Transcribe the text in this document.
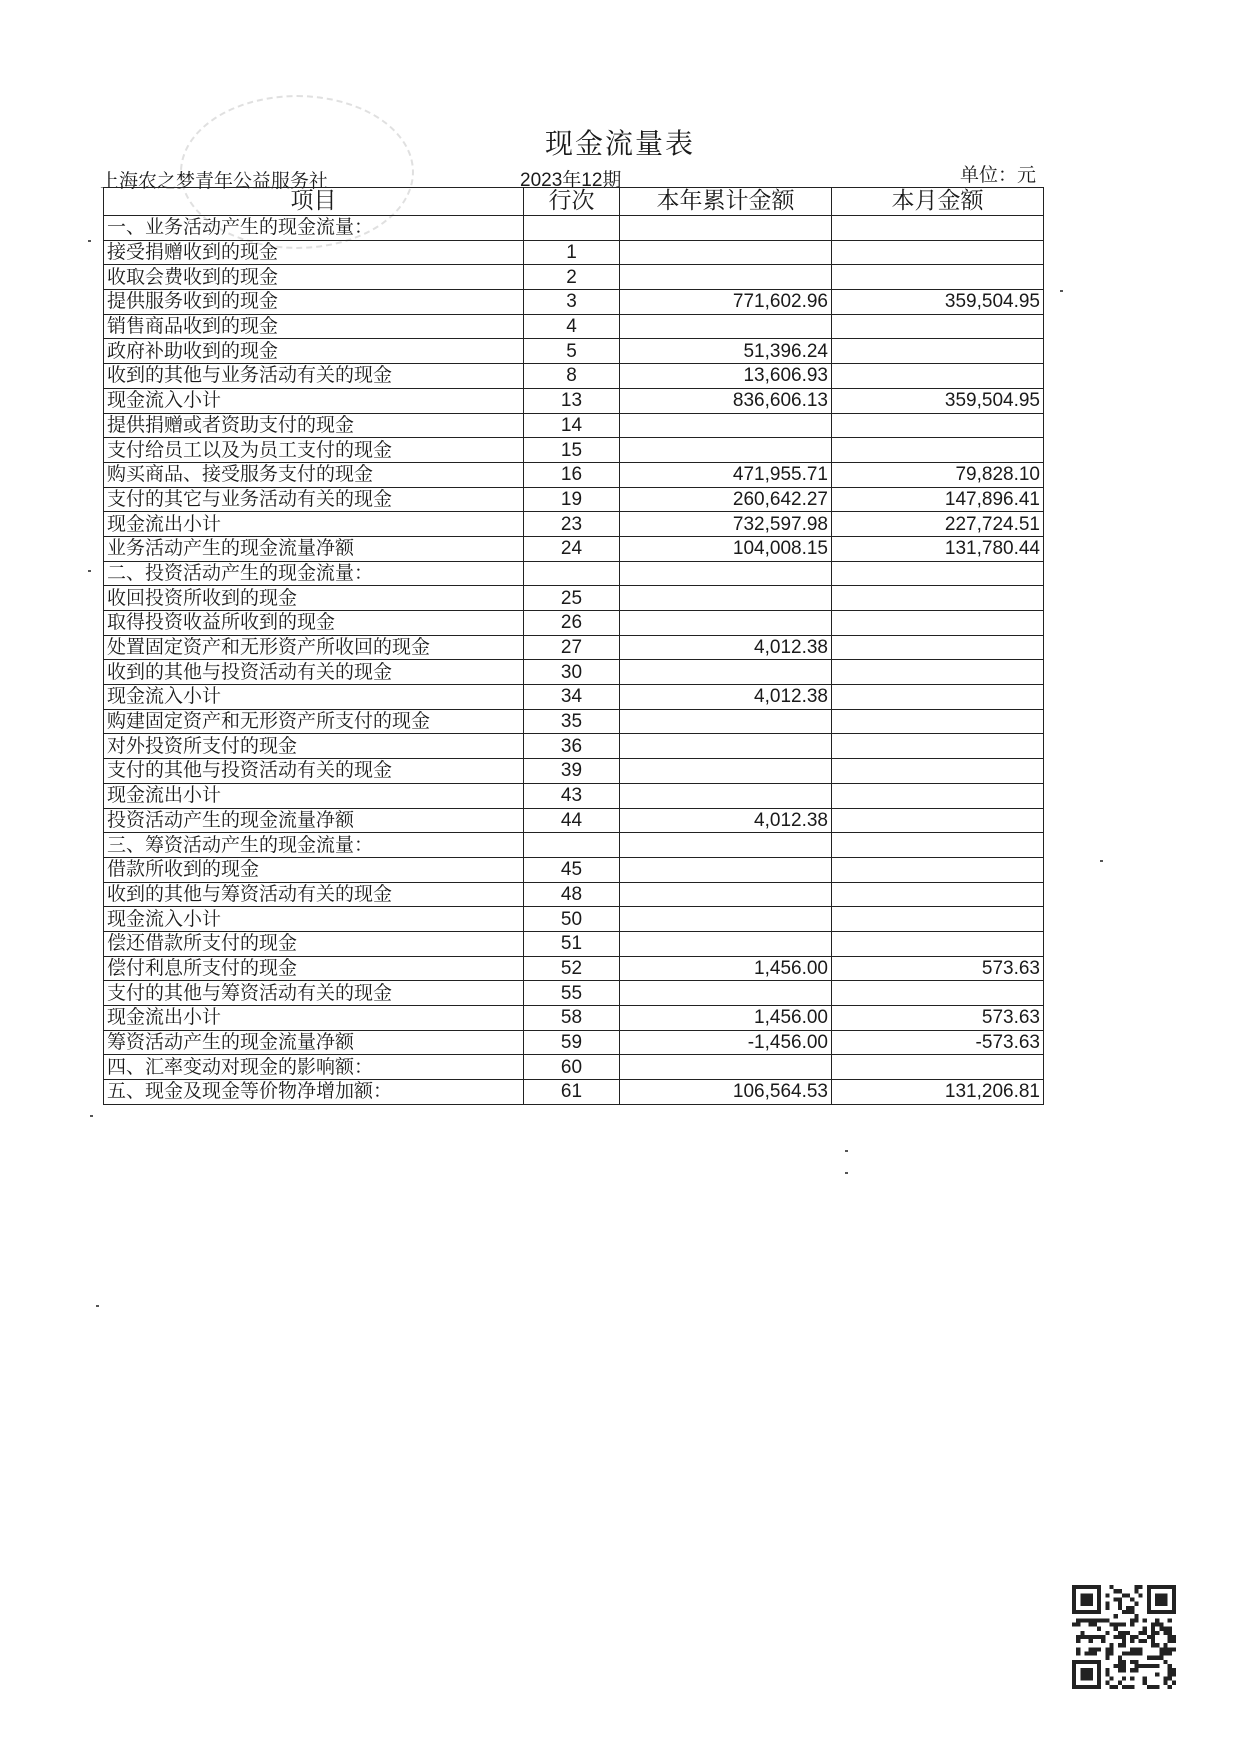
现金流量表
上海农之梦青年公益服务社	2023年12期	单位：元
项目	行次	本年累计金额	本月金额
一、业务活动产生的现金流量：			
接受捐赠收到的现金	1		
收取会费收到的现金	2		
提供服务收到的现金	3	771,602.96	359,504.95
销售商品收到的现金	4		
政府补助收到的现金	5	51,396.24	
收到的其他与业务活动有关的现金	8	13,606.93	
现金流入小计	13	836,606.13	359,504.95
提供捐赠或者资助支付的现金	14		
支付给员工以及为员工支付的现金	15		
购买商品、接受服务支付的现金	16	471,955.71	79,828.10
支付的其它与业务活动有关的现金	19	260,642.27	147,896.41
现金流出小计	23	732,597.98	227,724.51
业务活动产生的现金流量净额	24	104,008.15	131,780.44
二、投资活动产生的现金流量：			
收回投资所收到的现金	25		
取得投资收益所收到的现金	26		
处置固定资产和无形资产所收回的现金	27	4,012.38	
收到的其他与投资活动有关的现金	30		
现金流入小计	34	4,012.38	
购建固定资产和无形资产所支付的现金	35		
对外投资所支付的现金	36		
支付的其他与投资活动有关的现金	39		
现金流出小计	43		
投资活动产生的现金流量净额	44	4,012.38	
三、筹资活动产生的现金流量：			
借款所收到的现金	45		
收到的其他与筹资活动有关的现金	48		
现金流入小计	50		
偿还借款所支付的现金	51		
偿付利息所支付的现金	52	1,456.00	573.63
支付的其他与筹资活动有关的现金	55		
现金流出小计	58	1,456.00	573.63
筹资活动产生的现金流量净额	59	-1,456.00	-573.63
四、汇率变动对现金的影响额：	60		
五、现金及现金等价物净增加额：	61	106,564.53	131,206.81
